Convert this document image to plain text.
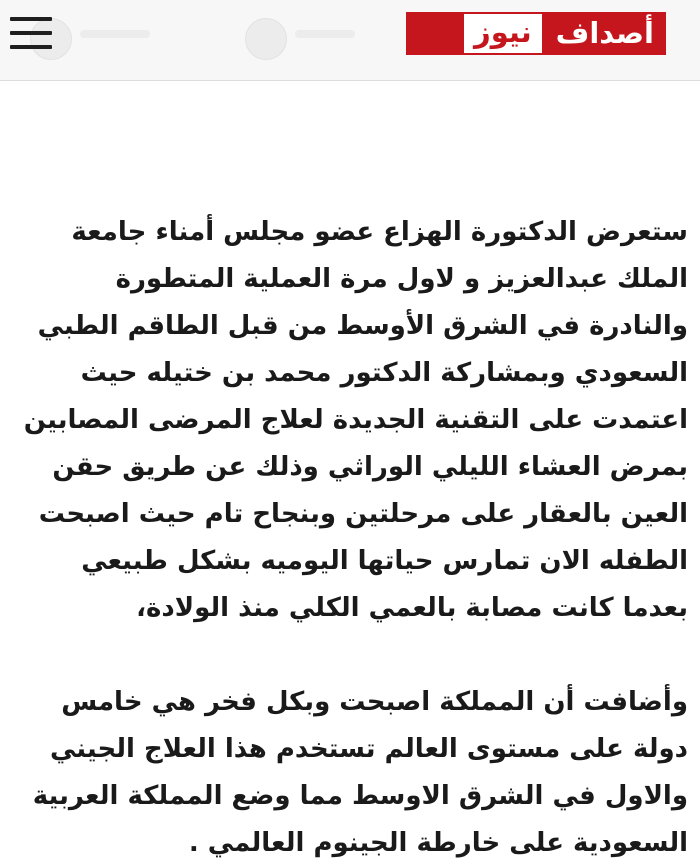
أصداف
نيوز

ستعرض الدكتورة الهزاع عضو مجلس أمناء جامعة الملك عبدالعزيز و لاول مرة العملية المتطورة والنادرة في الشرق الأوسط من قبل الطاقم الطبي السعودي وبمشاركة الدكتور محمد بن ختيله حيث اعتمدت على التقنية الجديدة لعلاج المرضى المصابين بمرض العشاء الليلي الوراثي وذلك عن طريق حقن العين بالعقار على مرحلتين وبنجاح تام حيث اصبحت الطفله الان تمارس حياتها اليوميه بشكل طبيعي بعدما كانت مصابة بالعمي الكلي منذ الولادة،

وأضافت أن المملكة اصبحت وبكل فخر هي خامس دولة على مستوى العالم تستخدم هذا العلاج الجيني والاول في الشرق الاوسط مما وضع المملكة العربية السعودية على خارطة الجينوم العالمي .
